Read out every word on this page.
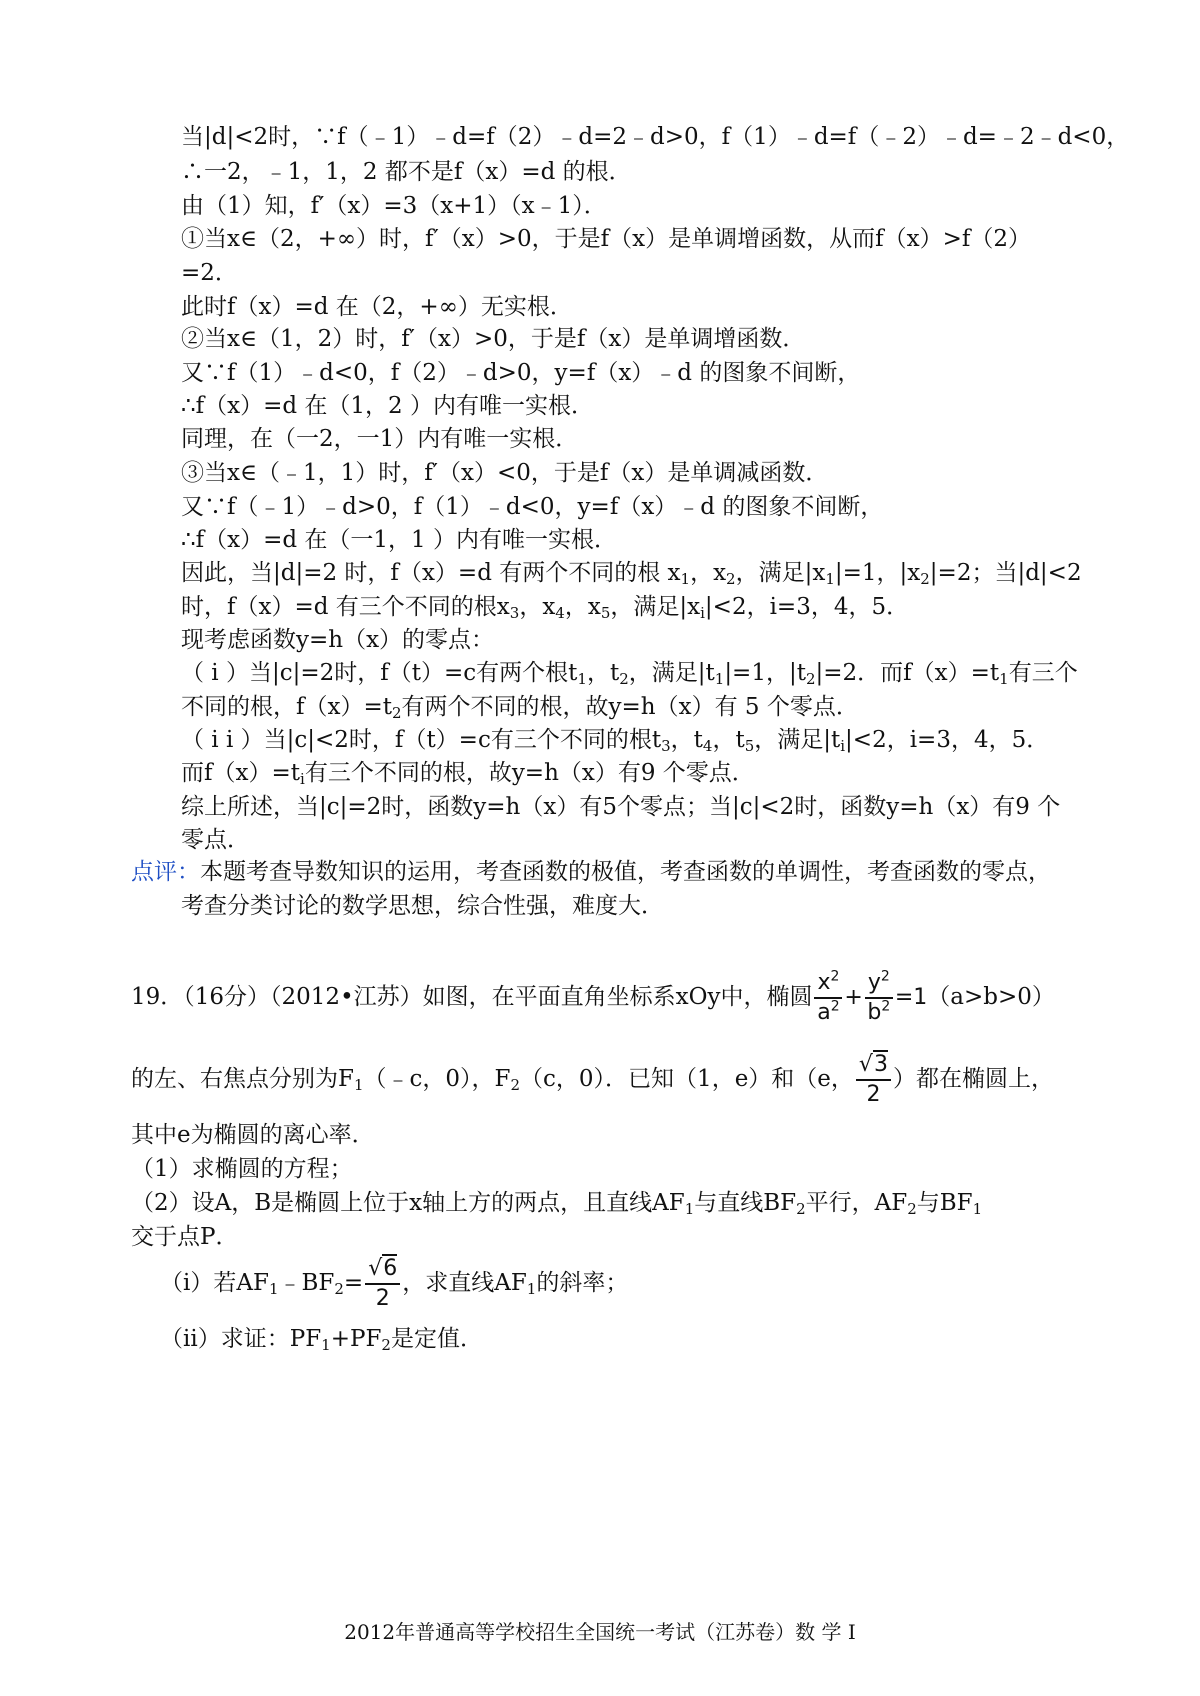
当|d|<2时，∵f（﹣1）﹣d=f（2）﹣d=2﹣d>0，f（1）﹣d=f（﹣2）﹣d=﹣2﹣d<0，
∴一2，﹣1，1，2 都不是f（x）=d 的根．
由（1）知，f′（x）=3（x+1）（x﹣1）．
①当x∈（2，+∞）时，f′（x）>0，于是f（x）是单调增函数，从而f（x）>f（2）
=2．
此时f（x）=d 在（2，+∞）无实根．
②当x∈（1，2）时，f′（x）>0，于是f（x）是单调增函数．
又∵f（1）﹣d<0，f（2）﹣d>0，y=f（x）﹣d 的图象不间断，
∴f（x）=d 在（1，2 ）内有唯一实根．
同理，在（一2，一1）内有唯一实根．
③当x∈（﹣1，1）时，f′（x）<0，于是f（x）是单调减函数．
又∵f（﹣1）﹣d>0，f（1）﹣d<0，y=f（x）﹣d 的图象不间断，
∴f（x）=d 在（一1，1 ）内有唯一实根．
因此，当|d|=2 时，f（x）=d 有两个不同的根 $x_1$，$x_2$，满足$|x_1|=1$，$|x_2|=2$；当|d|<2
时，f（x）=d 有三个不同的根$x_3$，$x_4$，$x_5$，满足$|x_i|<2$，i=3，4，5．
现考虑函数y=h（x）的零点：
（ i ）当|c|=2时，f（t）=c有两个根$t_1$，$t_2$，满足$|t_1|=1$，$|t_2|=2$．而$f(x)=t_1$有三个
不同的根，$f(x)=t_2$有两个不同的根，故y=h（x）有 5 个零点．
（ i i ）当|c|<2时，f（t）=c有三个不同的根$t_3$，$t_4$，$t_5$，满足$|t_i|<2$，i=3，4，5．
而$f(x)=t_i$有三个不同的根，故y=h（x）有9 个零点．
综上所述，当|c|=2时，函数y=h（x）有5个零点；当|c|<2时，函数y=h（x）有9 个
零点．
点评：本题考查导数知识的运用，考查函数的极值，考查函数的单调性，考查函数的零点，
考查分类讨论的数学思想，综合性强，难度大．
19．（16分）（2012•江苏）如图，在平面直角坐标系xOy中，椭圆 $\frac{x^2}{a^2} + \frac{y^2}{b^2} =1(a>b>0)$
的左、右焦点分别为$F_1(﹣c$，0），$F_2(c$，0）．已知（1，e）和（e， $\frac{√3}{2}$ ）都在椭圆上，
其中e为椭圆的离心率．
（1）求椭圆的方程；
（2）设A，B是椭圆上位于x轴上方的两点，且直线$AF_1$与直线$BF_2$平行，$AF_2$与$BF_1$
交于点P．
（i）若$AF_1﹣BF_2= \frac{√6}{2}$ ，求直线$AF_1$的斜率；
（ii）求证：$PF_1+PF_2$是定值．
2012年普通高等学校招生全国统一考试（江苏卷）数 学 I
